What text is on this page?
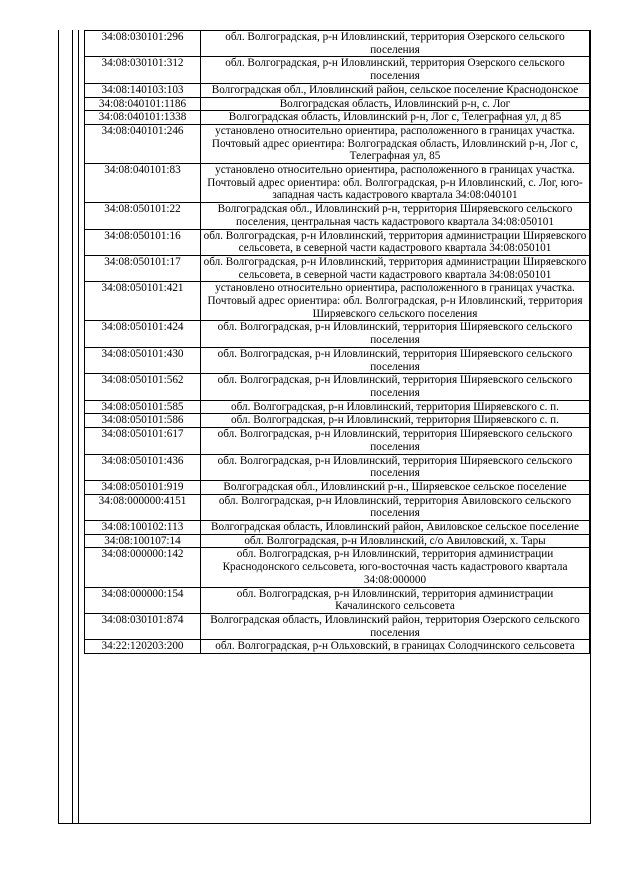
34:08:030101:296	обл. Волгоградская, р-н Иловлинский, территория Озерского сельского поселения
34:08:030101:312	обл. Волгоградская, р-н Иловлинский, территория Озерского сельского поселения
34:08:140103:103	Волгоградская обл., Иловлинский район, сельское поселение Краснодонское
34:08:040101:1186	Волгоградская область, Иловлинский р-н, с. Лог
34:08:040101:1338	Волгоградская область, Иловлинский р-н, Лог с, Телеграфная ул, д 85
34:08:040101:246	установлено относительно ориентира, расположенного в границах участка. Почтовый адрес ориентира: Волгоградская область, Иловлинский р-н, Лог с, Телеграфная ул, 85
34:08:040101:83	установлено относительно ориентира, расположенного в границах участка. Почтовый адрес ориентира: обл. Волгоградская, р-н Иловлинский, с. Лог, юго-западная часть кадастрового квартала 34:08:040101
34:08:050101:22	Волгоградская обл., Иловлинский р-н, территория Ширяевского сельского поселения, центральная часть кадастрового квартала 34:08:050101
34:08:050101:16	обл. Волгоградская, р-н Иловлинский, территория администрации Ширяевского сельсовета, в северной части кадастрового квартала 34:08:050101
34:08:050101:17	обл. Волгоградская, р-н Иловлинский, территория администрации Ширяевского сельсовета, в северной части кадастрового квартала 34:08:050101
34:08:050101:421	установлено относительно ориентира, расположенного в границах участка. Почтовый адрес ориентира: обл. Волгоградская, р-н Иловлинский, территория Ширяевского сельского поселения
34:08:050101:424	обл. Волгоградская, р-н Иловлинский, территория Ширяевского сельского поселения
34:08:050101:430	обл. Волгоградская, р-н Иловлинский, территория Ширяевского сельского поселения
34:08:050101:562	обл. Волгоградская, р-н Иловлинский, территория Ширяевского сельского поселения
34:08:050101:585	обл. Волгоградская, р-н Иловлинский, территория Ширяевского с. п.
34:08:050101:586	обл. Волгоградская, р-н Иловлинский, территория Ширяевского с. п.
34:08:050101:617	обл. Волгоградская, р-н Иловлинский, территория Ширяевского сельского поселения
34:08:050101:436	обл. Волгоградская, р-н Иловлинский, территория Ширяевского сельского поселения
34:08:050101:919	Волгоградская обл., Иловлинский р-н., Ширяевское сельское поселение
34:08:000000:4151	обл. Волгоградская, р-н Иловлинский, территория Авиловского сельского поселения
34:08:100102:113	Волгоградская область, Иловлинский район, Авиловское сельское поселение
34:08:100107:14	обл. Волгоградская, р-н Иловлинский, с/о Авиловский, х. Тары
34:08:000000:142	обл. Волгоградская, р-н Иловлинский, территория администрации Краснодонского сельсовета, юго-восточная часть кадастрового квартала 34:08:000000
34:08:000000:154	обл. Волгоградская, р-н Иловлинский, территория администрации Качалинского сельсовета
34:08:030101:874	Волгоградская область, Иловлинский район, территория Озерского сельского поселения
34:22:120203:200	обл. Волгоградская, р-н Ольховский, в границах Солодчинского сельсовета
